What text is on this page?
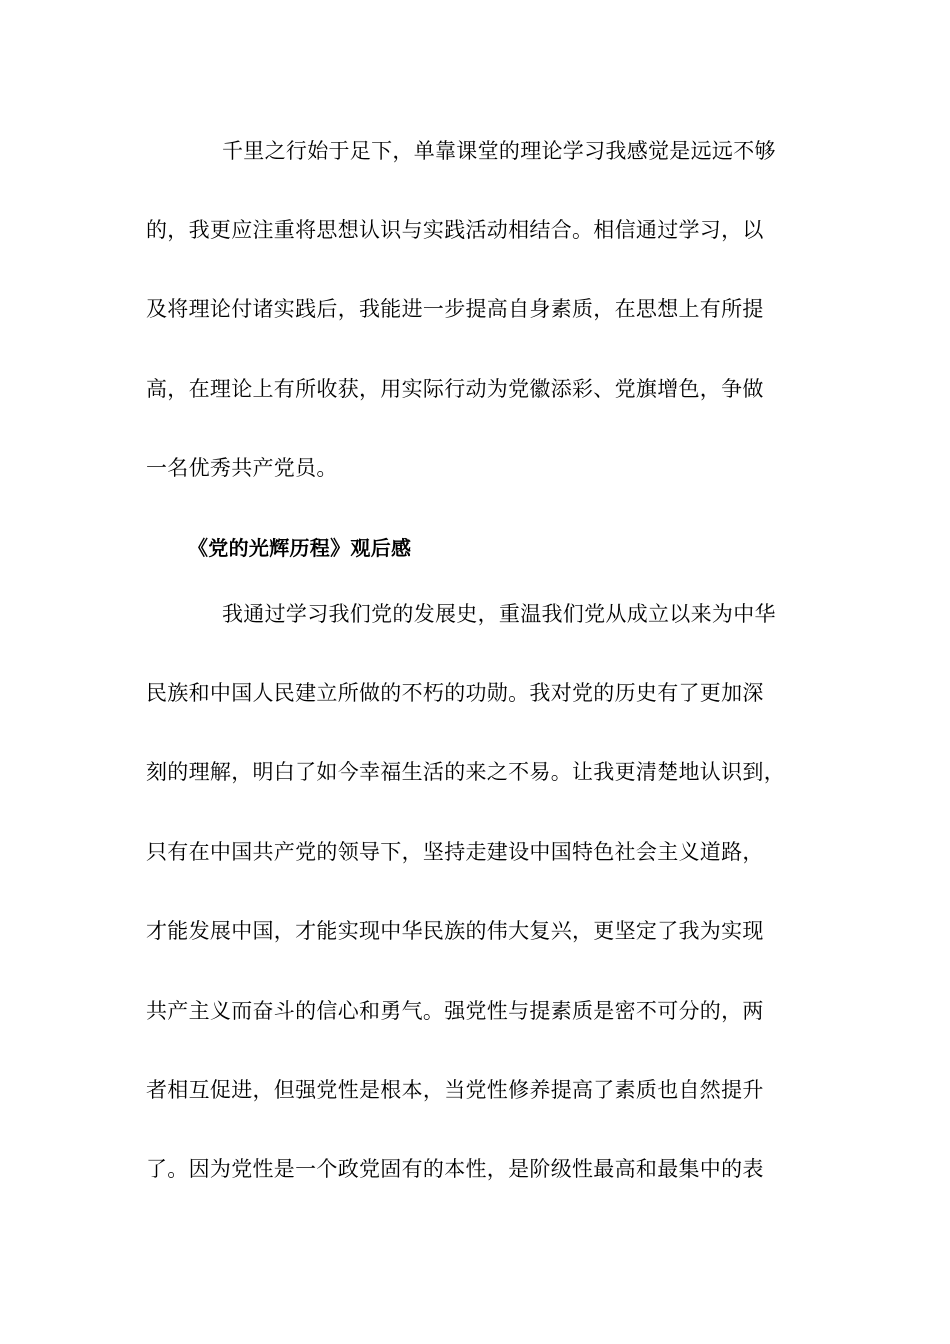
千里之行始于足下，单靠课堂的理论学习我感觉是远远不够
的，我更应注重将思想认识与实践活动相结合。相信通过学习，以
及将理论付诸实践后，我能进一步提高自身素质，在思想上有所提
高，在理论上有所收获，用实际行动为党徽添彩、党旗增色，争做
一名优秀共产党员。
《党的光辉历程》观后感
我通过学习我们党的发展史，重温我们党从成立以来为中华
民族和中国人民建立所做的不朽的功勋。我对党的历史有了更加深
刻的理解，明白了如今幸福生活的来之不易。让我更清楚地认识到，
只有在中国共产党的领导下，坚持走建设中国特色社会主义道路，
才能发展中国，才能实现中华民族的伟大复兴，更坚定了我为实现
共产主义而奋斗的信心和勇气。强党性与提素质是密不可分的，两
者相互促进，但强党性是根本，当党性修养提高了素质也自然提升
了。因为党性是一个政党固有的本性，是阶级性最高和最集中的表
